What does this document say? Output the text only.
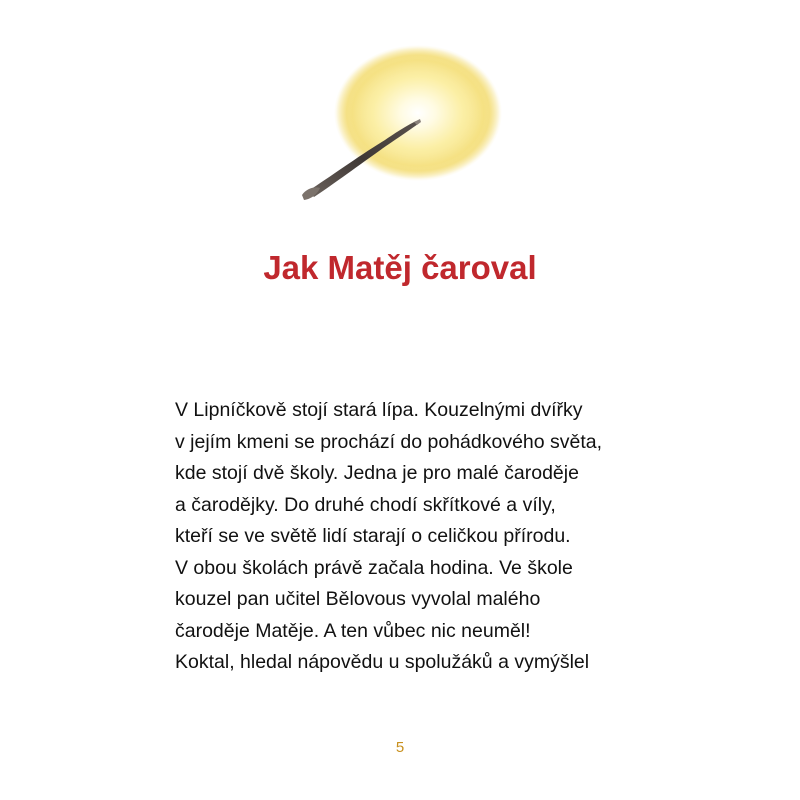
Jak Matěj čaroval

V Lipníčkově stojí stará lípa. Kouzelnými dvířky
v jejím kmeni se prochází do pohádkového světa,
kde stojí dvě školy. Jedna je pro malé čaroděje
a čarodějky. Do druhé chodí skřítkové a víly,
kteří se ve světě lidí starají o celičkou přírodu.
V obou školách právě začala hodina. Ve škole
kouzel pan učitel Bělovous vyvolal malého
čaroděje Matěje. A ten vůbec nic neuměl!
Koktal, hledal nápovědu u spolužáků a vymýšlel

5
